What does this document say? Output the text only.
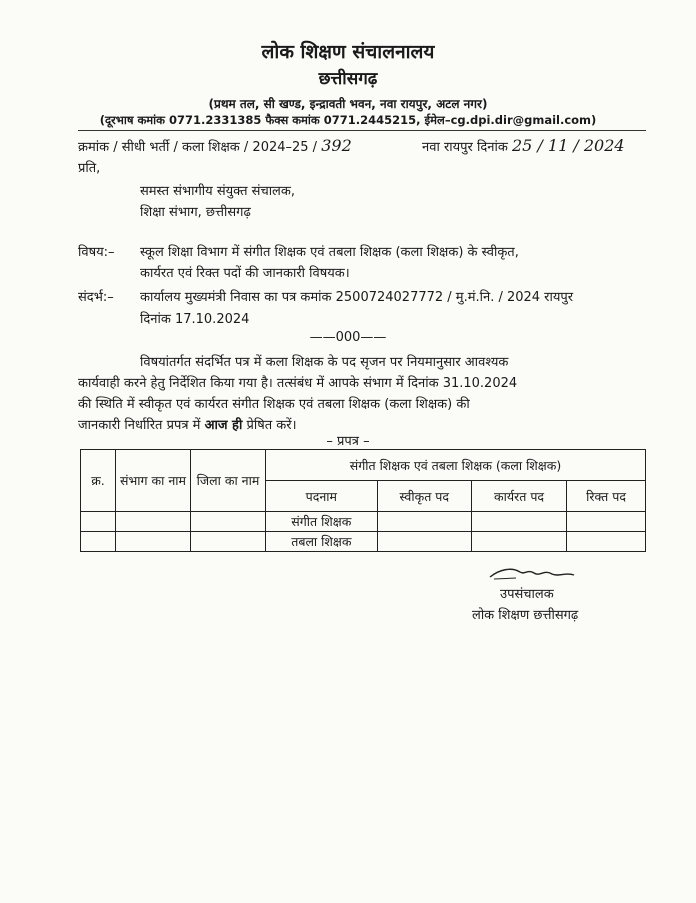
लोक शिक्षण संचालनालय
छत्तीसगढ़
(प्रथम तल, सी खण्ड, इन्द्रावती भवन, नवा रायपुर, अटल नगर)
(दूरभाष कमांक 0771.2331385 फैक्स कमांक 0771.2445215, ईमेल–cg.dpi.dir@gmail.com)
क्रमांक / सीधी भर्ती / कला शिक्षक / 2024–25 / 392	नवा रायपुर दिनांक 25 / 11 / 2024
प्रति,
समस्त संभागीय संयुक्त संचालक,
शिक्षा संभाग, छत्तीसगढ़
विषय:– स्कूल शिक्षा विभाग में संगीत शिक्षक एवं तबला शिक्षक (कला शिक्षक) के स्वीकृत,
कार्यरत एवं रिक्त पदों की जानकारी विषयक।
संदर्भ:– कार्यालय मुख्यमंत्री निवास का पत्र कमांक 2500724027772 / मु.मं.नि. / 2024 रायपुर
दिनांक 17.10.2024
——000——
विषयांतर्गत संदर्भित पत्र में कला शिक्षक के पद सृजन पर नियमानुसार आवश्यक
कार्यवाही करने हेतु निर्देशित किया गया है। तत्संबंध में आपके संभाग में दिनांक 31.10.2024
की स्थिति में स्वीकृत एवं कार्यरत संगीत शिक्षक एवं तबला शिक्षक (कला शिक्षक) की
जानकारी निर्धारित प्रपत्र में आज ही प्रेषित करें।
– प्रपत्र –
क्र.	संभाग का नाम	जिला का नाम	संगीत शिक्षक एवं तबला शिक्षक (कला शिक्षक)			
			पदनाम	स्वीकृत पद	कार्यरत पद	रिक्त पद
			संगीत शिक्षक			
			तबला शिक्षक			
उपसंचालक
लोक शिक्षण छत्तीसगढ़
